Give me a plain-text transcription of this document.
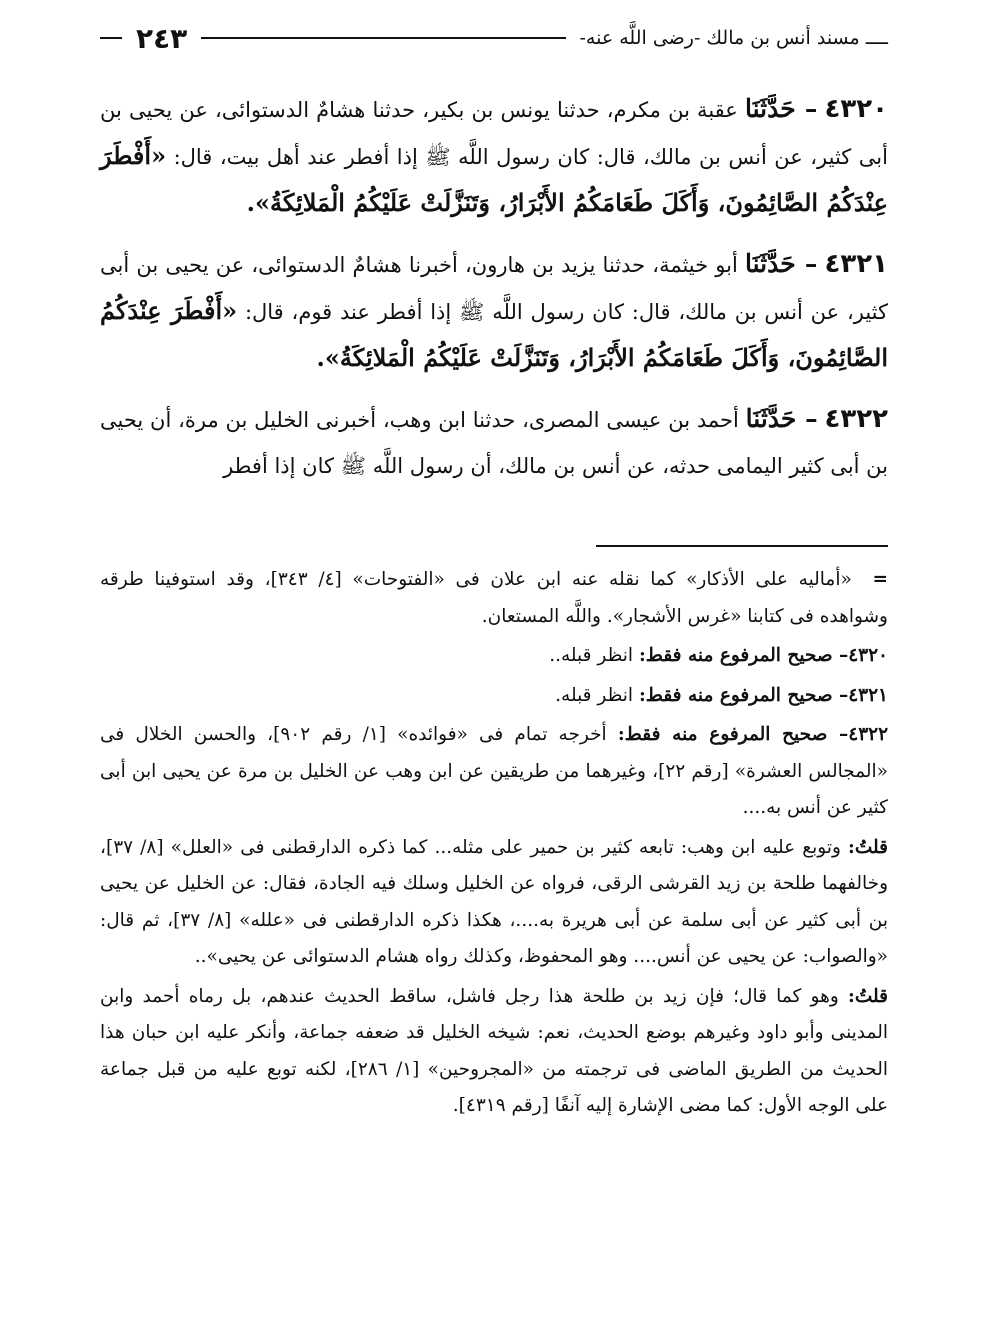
ــــ مسند أنس بن مالك -رضى اللَّه عنه-
٢٤٣

٤٣٢٠ – حَدَّثَنَا عقبة بن مكرم، حدثنا يونس بن بكير، حدثنا هشامٌ الدستوائى، عن يحيى بن أبى كثير، عن أنس بن مالك، قال: كان رسول اللَّه ﷺ إذا أفطر عند أهل بيت، قال: «أَفْطَرَ عِنْدَكُمُ الصَّائِمُونَ، وَأَكَلَ طَعَامَكُمُ الأَبْرَارُ، وَتَنَزَّلَتْ عَلَيْكُمُ الْمَلائِكَةُ».

٤٣٢١ – حَدَّثَنَا أبو خيثمة، حدثنا يزيد بن هارون، أخبرنا هشامٌ الدستوائى، عن يحيى بن أبى كثير، عن أنس بن مالك، قال: كان رسول اللَّه ﷺ إذا أفطر عند قوم، قال: «أَفْطَرَ عِنْدَكُمُ الصَّائِمُونَ، وَأَكَلَ طَعَامَكُمُ الأَبْرَارُ، وَتَنَزَّلَتْ عَلَيْكُمُ الْمَلائِكَةُ».

٤٣٢٢ – حَدَّثَنَا أحمد بن عيسى المصرى، حدثنا ابن وهب، أخبرنى الخليل بن مرة، أن يحيى بن أبى كثير اليمامى حدثه، عن أنس بن مالك، أن رسول اللَّه ﷺ كان إذا أفطر

= «أماليه على الأذكار» كما نقله عنه ابن علان فى «الفتوحات» [٤/ ٣٤٣]، وقد استوفينا طرقه وشواهده فى كتابنا «غرس الأشجار». واللَّه المستعان.

٤٣٢٠– صحيح المرفوع منه فقط: انظر قبله..

٤٣٢١– صحيح المرفوع منه فقط: انظر قبله.

٤٣٢٢– صحيح المرفوع منه فقط: أخرجه تمام فى «فوائده» [١/ رقم ٩٠٢]، والحسن الخلال فى «المجالس العشرة» [رقم ٢٢]، وغيرهما من طريقين عن ابن وهب عن الخليل بن مرة عن يحيى ابن أبى كثير عن أنس به....

قلتُ: وتوبع عليه ابن وهب: تابعه كثير بن حمير على مثله... كما ذكره الدارقطنى فى «العلل» [٨/ ٣٧]، وخالفهما طلحة بن زيد القرشى الرقى، فرواه عن الخليل وسلك فيه الجادة، فقال: عن الخليل عن يحيى بن أبى كثير عن أبى سلمة عن أبى هريرة به....، هكذا ذكره الدارقطنى فى «علله» [٨/ ٣٧]، ثم قال: «والصواب: عن يحيى عن أنس.... وهو المحفوظ، وكذلك رواه هشام الدستوائى عن يحيى»..

قلتُ: وهو كما قال؛ فإن زيد بن طلحة هذا رجل فاشل، ساقط الحديث عندهم، بل رماه أحمد وابن المدينى وأبو داود وغيرهم بوضع الحديث، نعم: شيخه الخليل قد ضعفه جماعة، وأنكر عليه ابن حبان هذا الحديث من الطريق الماضى فى ترجمته من «المجروحين» [١/ ٢٨٦]، لكنه توبع عليه من قبل جماعة على الوجه الأول: كما مضى الإشارة إليه آنفًا [رقم ٤٣١٩].
